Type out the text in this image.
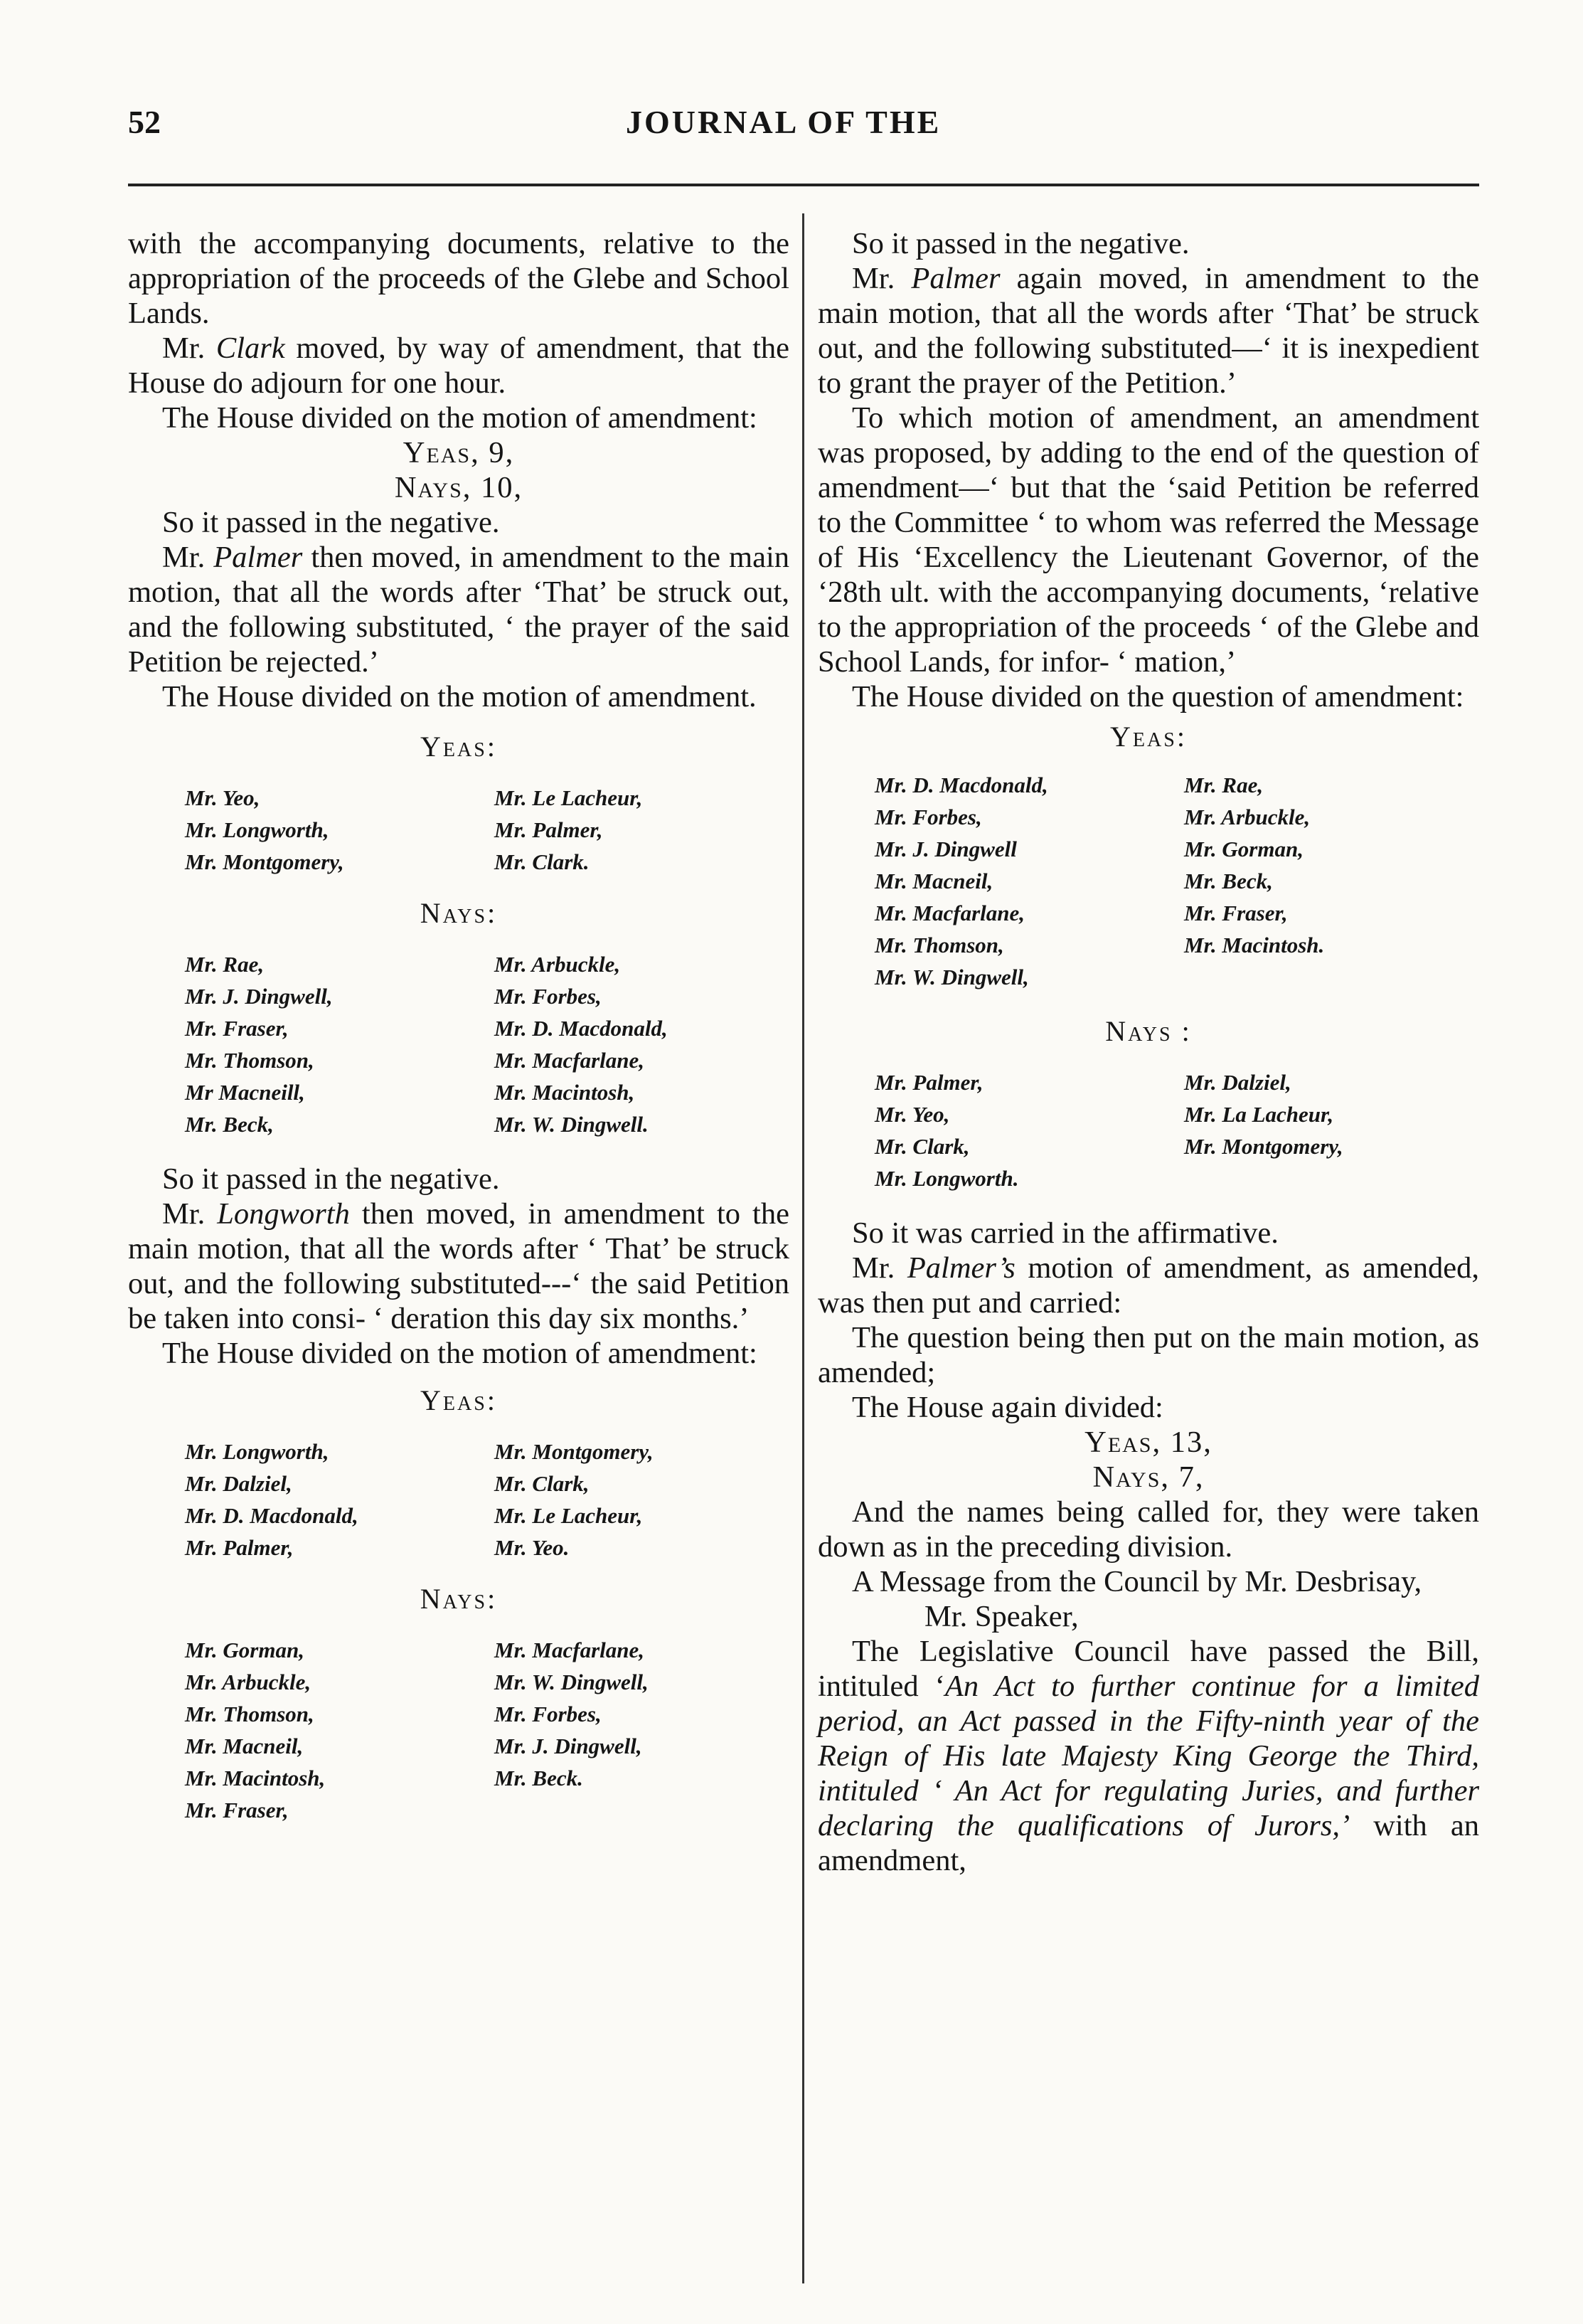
52	JOURNAL OF THE

with the accompanying documents, relative to the appropriation of the proceeds of the Glebe and School Lands.

Mr. Clark moved, by way of amendment, that the House do adjourn for one hour.

The House divided on the motion of amendment:

Yeas, 9,

Nays, 10,

So it passed in the negative.

Mr. Palmer then moved, in amendment to the main motion, that all the words after ‘That’ be struck out, and the following substituted, ‘ the prayer of the said Petition be rejected.’

The House divided on the motion of amendment.

Yeas:
Mr. Yeo,	Mr. Le Lacheur,
Mr. Longworth,	Mr. Palmer,
Mr. Montgomery,	Mr. Clark.
Nays:
Mr. Rae,	Mr. Arbuckle,
Mr. J. Dingwell,	Mr. Forbes,
Mr. Fraser,	Mr. D. Macdonald,
Mr. Thomson,	Mr. Macfarlane,
Mr Macneill,	Mr. Macintosh,
Mr. Beck,	Mr. W. Dingwell.

So it passed in the negative.

Mr. Longworth then moved, in amendment to the main motion, that all the words after ‘ That’ be struck out, and the following substituted---‘ the said Petition be taken into consi- ‘ deration this day six months.’

The House divided on the motion of amendment:

Yeas:
Mr. Longworth,	Mr. Montgomery,
Mr. Dalziel,	Mr. Clark,
Mr. D. Macdonald,	Mr. Le Lacheur,
Mr. Palmer,	Mr. Yeo.
Nays:
Mr. Gorman,	Mr. Macfarlane,
Mr. Arbuckle,	Mr. W. Dingwell,
Mr. Thomson,	Mr. Forbes,
Mr. Macneil,	Mr. J. Dingwell,
Mr. Macintosh,	Mr. Beck.
Mr. Fraser,

So it passed in the negative.

Mr. Palmer again moved, in amendment to the main motion, that all the words after ‘That’ be struck out, and the following substituted—‘ it is inexpedient to grant the prayer of the Petition.’

To which motion of amendment, an amendment was proposed, by adding to the end of the question of amendment—‘ but that the ‘said Petition be referred to the Committee ‘ to whom was referred the Message of His ‘Excellency the Lieutenant Governor, of the ‘28th ult. with the accompanying documents, ‘relative to the appropriation of the proceeds ‘ of the Glebe and School Lands, for infor- ‘ mation,’

The House divided on the question of amendment:

Yeas:
Mr. D. Macdonald,	Mr. Rae,
Mr. Forbes,	Mr. Arbuckle,
Mr. J. Dingwell	Mr. Gorman,
Mr. Macneil,	Mr. Beck,
Mr. Macfarlane,	Mr. Fraser,
Mr. Thomson,	Mr. Macintosh.
Mr. W. Dingwell,
Nays :
Mr. Palmer,	Mr. Dalziel,
Mr. Yeo,	Mr. La Lacheur,
Mr. Clark,	Mr. Montgomery,
Mr. Longworth.

So it was carried in the affirmative.

Mr. Palmer’s motion of amendment, as amended, was then put and carried:

The question being then put on the main motion, as amended;

The House again divided:

Yeas, 13,

Nays, 7,

And the names being called for, they were taken down as in the preceding division.

A Message from the Council by Mr. Desbrisay,

Mr. Speaker,

The Legislative Council have passed the Bill, intituled ‘An Act to further continue for a limited period, an Act passed in the Fifty-ninth year of the Reign of His late Majesty King George the Third, intituled ‘ An Act for regulating Juries, and further declaring the qualifications of Jurors,’ with an amendment,
